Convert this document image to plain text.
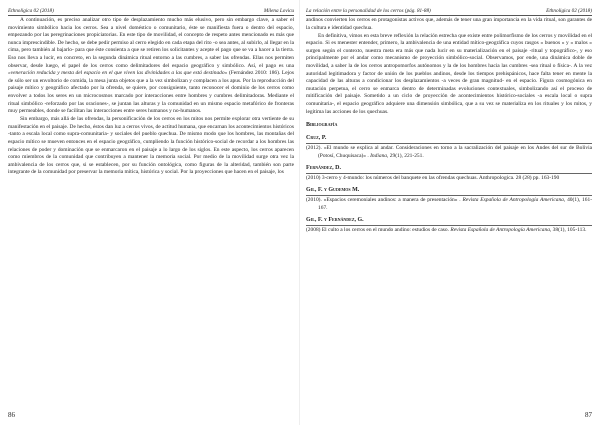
Ethnoligica 02 (2018)	Milena Lovicu

A continuación, es preciso analizar otro tipo de desplazamiento mucho más elusivo, pero sin embargo clave, a saber el movimiento simbólico hacia los cerros. Sea a nivel doméstico o comunitario, éste se manifiesta fuera o dentro del espacio, empezando por las peregrinaciones propiciatorias. En este tipo de movilidad, el concepto de respeto antes mencionado es más que nunca imprescindible. De hecho, se debe pedir permiso al cerro elegido en cada etapa del rito -o sea antes, al subirlo, al llegar en la cima, pero también al bajarlo- para que éste consienta a que se retiren los solicitantes y acepte el pago que se va a hacer a la tierra. Eso nos lleva a lucir, en concreto, en la segunda dinámica ritual entorno a las cumbres, a saber las ofrendas. Ellas nos permiten observar, desde luego, el papel de los cerros como delimitadores del espacio geográfico y simbólico. Así, el pago es una «veneración reducida y mesta del espacio en el que viven las divinidades a las que está destinado» (Fernández 2010: 186). Lejos de sólo ser un envoltorio de comida, la mesa junta objetos que a la vez simbolizan y complacen a los apus. Por la reproducción del paisaje mítico y geográfico afectado por la ofrenda, se quiere, por consiguiente, tanto reconocer el dominio de los cerros como envolver a todos los seres en un microcosmos marcado por interacciones entre hombres y cumbres delimitadoras. Mediante el ritual simbólico -reforzado por las oraciones-, se juntan las alturas y la comunidad en un mismo espacio metafórico de fronteras muy permeables, donde se facilitan las interacciones entre seres humanos y no-humanos.

Sin embargo, más allá de las ofrendas, la personificación de los cerros en los mitos nos permite explorar otra vertiente de su manifestación en el paisaje. De hecho, éstos dan luz a cerros vivos, de actitud humana, que encarnan los acontecimientos históricos -tanto a escala local como supra-comunitaria- y sociales del pueblo quechua. De mismo modo que los hombres, las montañas del espacio mítico se mueven entonces en el espacio geográfico, cumpliendo la función histórico-social de recordar a los hombres las relaciones de poder y dominación que se enmarcaron en el paisaje a lo largo de los siglos. En este aspecto, los cerros aparecen como miembros de la comunidad que contribuyen a mantener la memoria social. Por medio de la movilidad surge otra vez la ambivalencia de los cerros que, si se establecen, por su función ontológica, como figuras de la alteridad, también son parte integrante de la comunidad por preservar la memoria mítica, histórica y social. Por la proyecciones que hacen en el paisaje, los

86
La relación entre la personalidad de los cerros (pág. 81-88)	Ethnoligica 02 (2018)

andinos convierten los cerros en protagonistas activos que, además de tener una gran importancia en la vida ritual, son garantes de la cultura e identidad quechua.

En definitiva, vimos en esta breve reflexión la relación estrecha que existe entre polimorfismo de los cerros y movilidad en el espacio. Si es menester entender, primero, la ambivalencia de una entidad mítico-geográfica cuyos rasgos « buenos » y « malos » surgen según el contexto, nuestra meta era más que nada lucir en su materialización en el paisaje -ritual y topográfico-, y eso principalmente por el andar como mecanismo de proyección simbólico-social. Observamos, por ende, una dinámica doble de movilidad, a saber la de los cerros antropomorfos autónomos y la de los hombres hacia las cumbres -sea ritual o física-. A la vez autoridad legitimadora y factor de unión de los pueblos andinos, desde los tiempos prehispánicos, hace falta tener en mente la capacidad de las alturas a condicionar los desplazamientos -a veces de gran magnitud- en el espacio. Figura cosmogónica en mutación perpetua, el cerro se enmarca dentro de determinadas evoluciones contextuales, simbolizando así el proceso de mitificación del paisaje. Sometido a un ciclo de proyección de acontecimientos histórico-sociales -a escala local o supra comunitaria-, el espacio geográfico adquiere una dimensión simbólica, que a su vez se materializa en los rituales y los mitos, y legitima las acciones de los quechuas.

Bibliografía
Cruz, P.
(2012). «El mundo se explica al andar. Consideraciones en torno a la sacralización del paisaje en los Andes del sur de Bolivia (Potosí, Chuquisaca)» . Indiana, 29(1), 221-251.
Fernández, D.
(2010) 3-cerro y 4-mundo: los números del banquete en las ofrendas quechuas. Anthropologica. 28 (28) pp. 163-190
Gil, F. y Gudemos M.
(2010). «Espacios ceremoniales andinos: a manera de presentación» . Revista Española de Antropología Americana, 40(1), 161-167.
Gil, F. y Fernández, G.
(2008) El culto a los cerros en el mundo andino: estudios de caso. Revista Española de Antropología Americana, 38(1), 105-113.
87
